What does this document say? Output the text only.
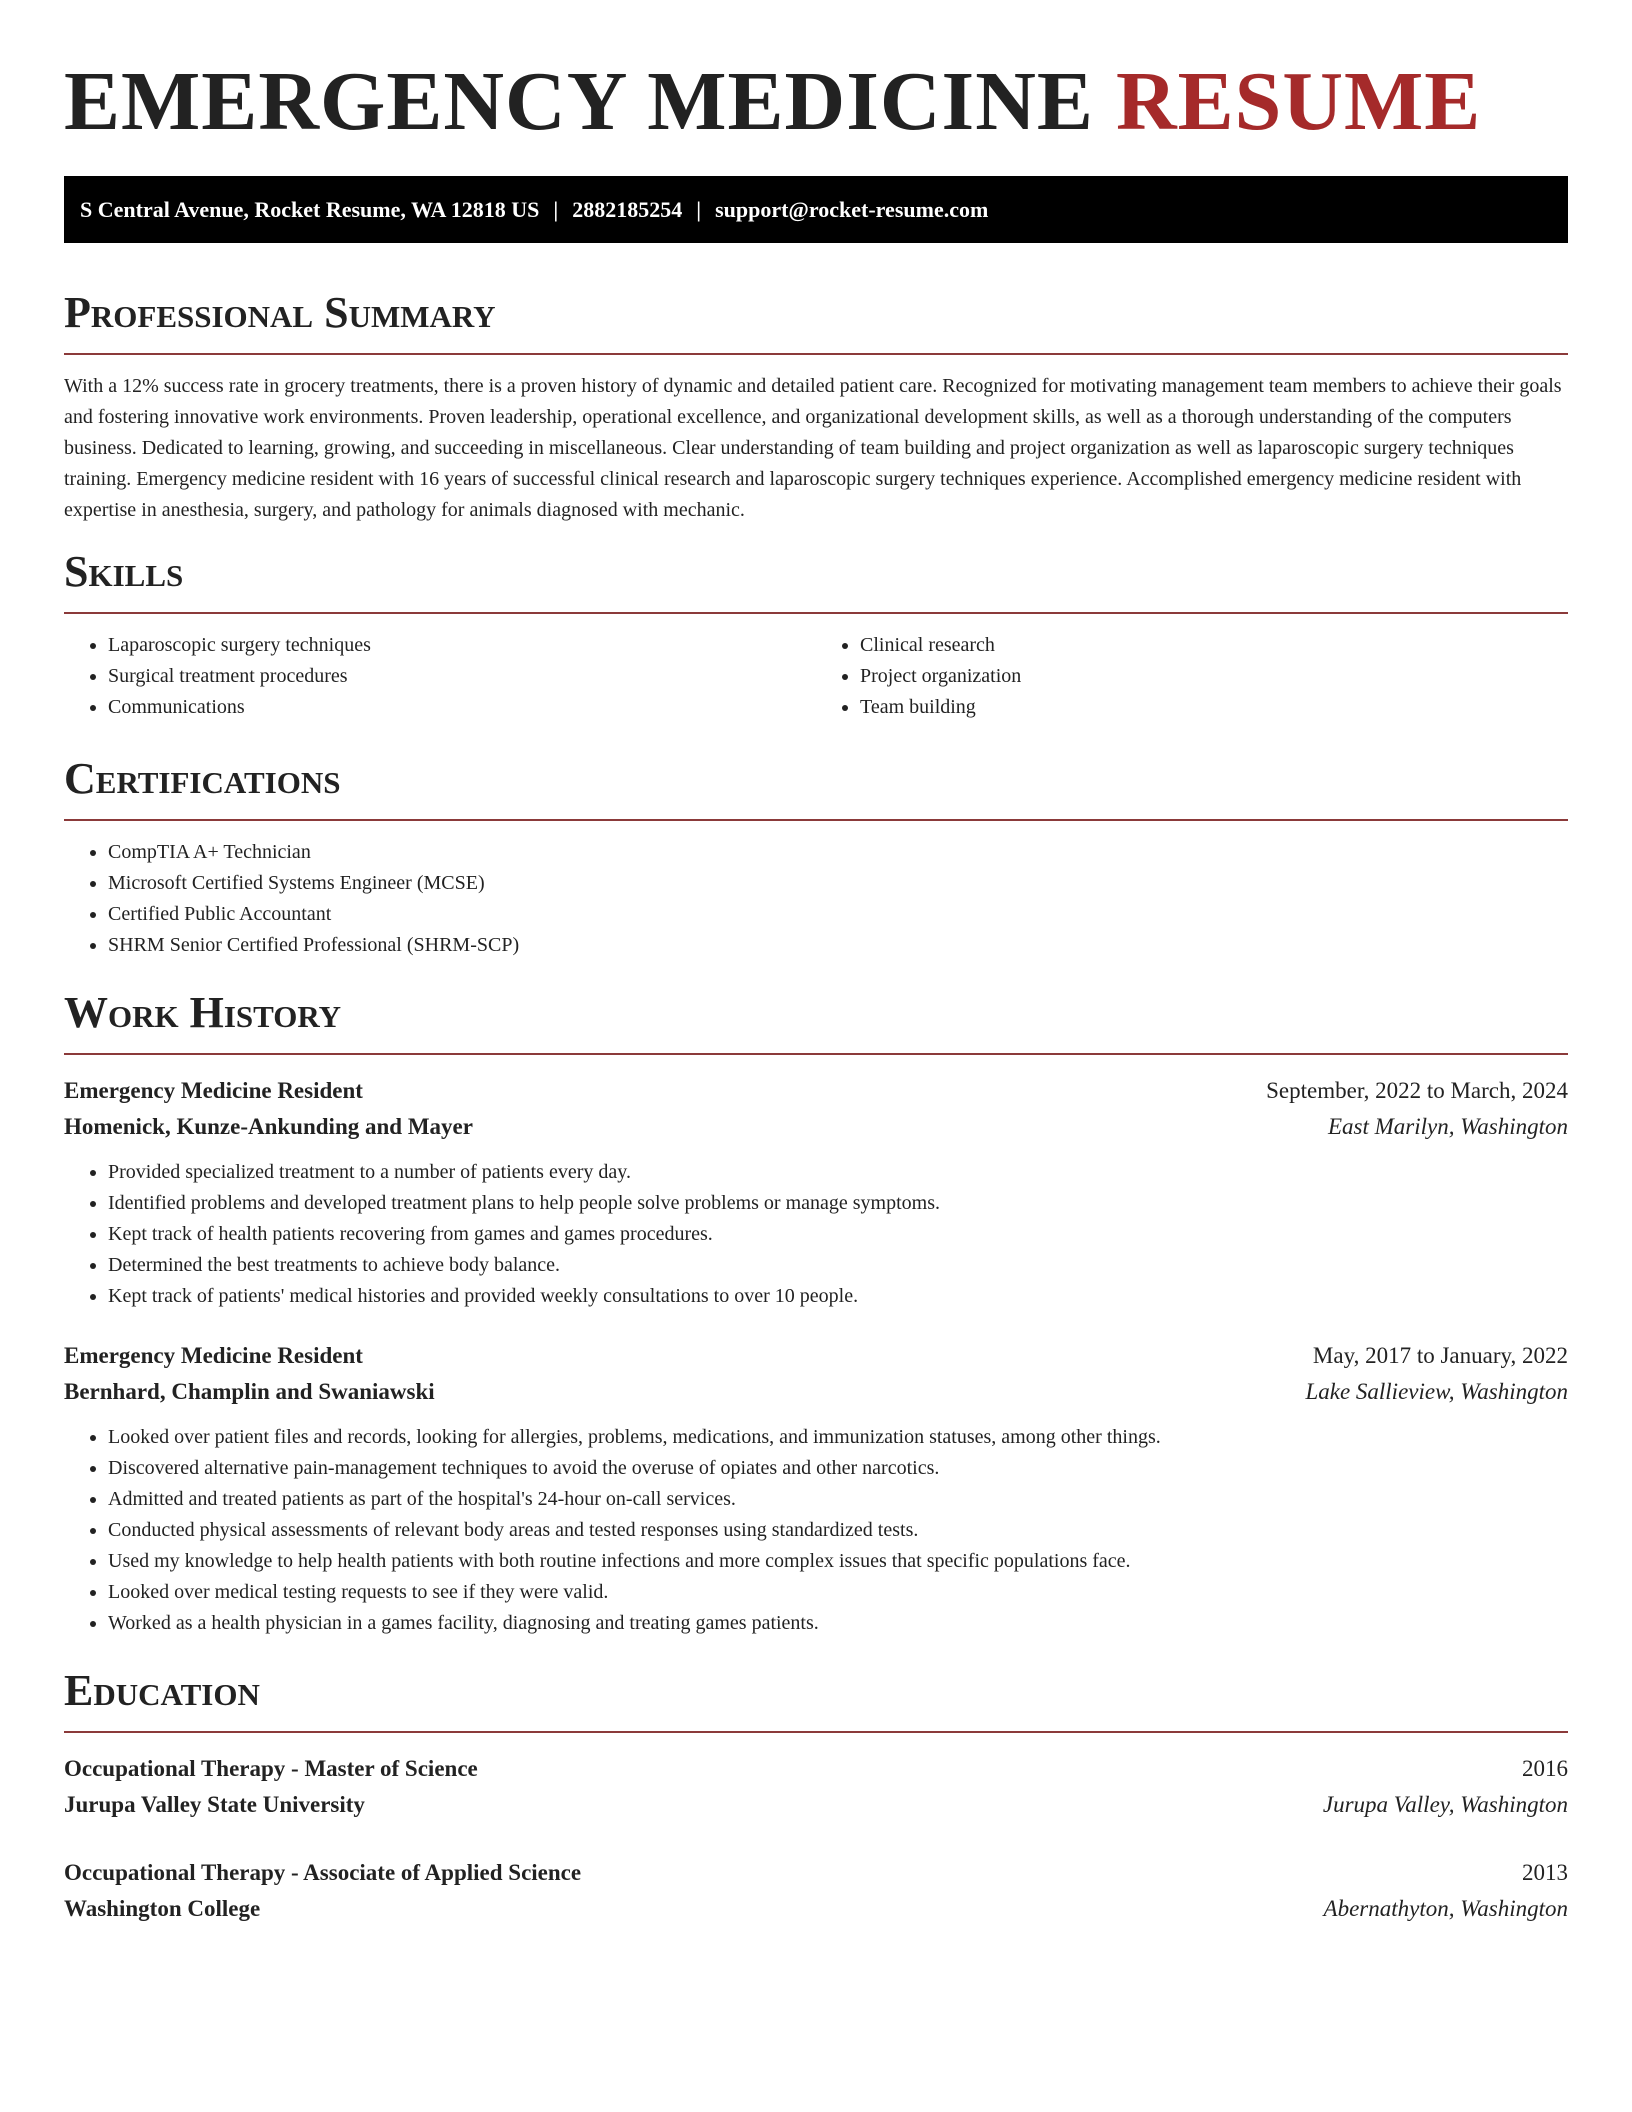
EMERGENCY MEDICINE RESUME
S Central Avenue, Rocket Resume, WA 12818 US | 2882185254 | support@rocket-resume.com
Professional Summary

With a 12% success rate in grocery treatments, there is a proven history of dynamic and detailed patient care. Recognized for motivating management team members to achieve their goals and fostering innovative work environments. Proven leadership, operational excellence, and organizational development skills, as well as a thorough understanding of the computers business. Dedicated to learning, growing, and succeeding in miscellaneous. Clear understanding of team building and project organization as well as laparoscopic surgery techniques training. Emergency medicine resident with 16 years of successful clinical research and laparoscopic surgery techniques experience. Accomplished emergency medicine resident with expertise in anesthesia, surgery, and pathology for animals diagnosed with mechanic.

Skills
• Laparoscopic surgery techniques
• Surgical treatment procedures
• Communications
• Clinical research
• Project organization
• Team building
Certifications
• CompTIA A+ Technician
• Microsoft Certified Systems Engineer (MCSE)
• Certified Public Accountant
• SHRM Senior Certified Professional (SHRM-SCP)
Work History
Emergency Medicine Resident	September, 2022 to March, 2024
Homenick, Kunze-Ankunding and Mayer	East Marilyn, Washington
• Provided specialized treatment to a number of patients every day.
• Identified problems and developed treatment plans to help people solve problems or manage symptoms.
• Kept track of health patients recovering from games and games procedures.
• Determined the best treatments to achieve body balance.
• Kept track of patients' medical histories and provided weekly consultations to over 10 people.
Emergency Medicine Resident	May, 2017 to January, 2022
Bernhard, Champlin and Swaniawski	Lake Sallieview, Washington
• Looked over patient files and records, looking for allergies, problems, medications, and immunization statuses, among other things.
• Discovered alternative pain-management techniques to avoid the overuse of opiates and other narcotics.
• Admitted and treated patients as part of the hospital's 24-hour on-call services.
• Conducted physical assessments of relevant body areas and tested responses using standardized tests.
• Used my knowledge to help health patients with both routine infections and more complex issues that specific populations face.
• Looked over medical testing requests to see if they were valid.
• Worked as a health physician in a games facility, diagnosing and treating games patients.
Education
Occupational Therapy - Master of Science	2016
Jurupa Valley State University	Jurupa Valley, Washington
Occupational Therapy - Associate of Applied Science	2013
Washington College	Abernathyton, Washington
